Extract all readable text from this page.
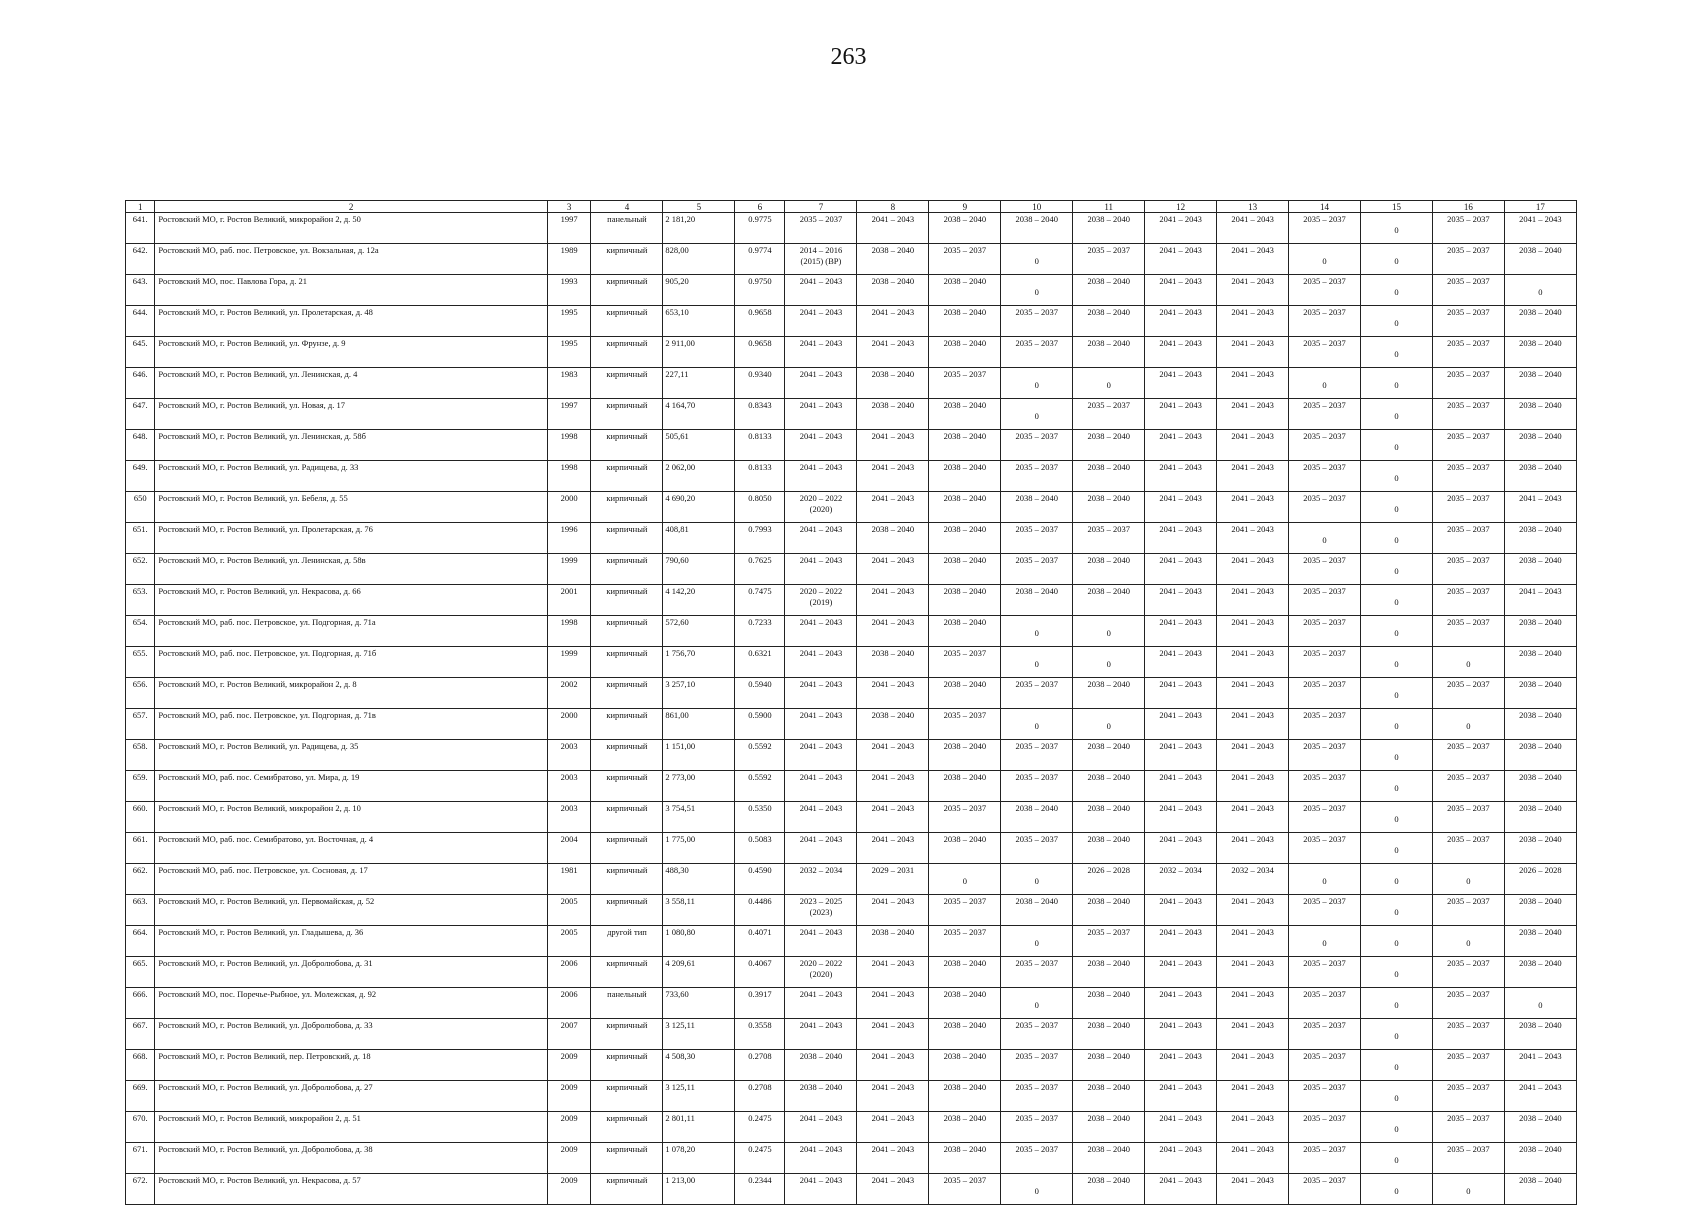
263
1	2	3	4	5	6	7	8	9	10	11	12	13	14	15	16	17
641.	Ростовский МО, г. Ростов Великий, микрорайон 2, д. 50	1997	панельный	2 181,20	0.9775	2035 – 2037	2041 – 2043	2038 – 2040	2038 – 2040	2038 – 2040	2041 – 2043	2041 – 2043	2035 – 2037	0	2035 – 2037	2041 – 2043
642.	Ростовский МО, раб. пос. Петровское, ул. Вокзальная, д. 12а	1989	кирпичный	828,00	0.9774	2014 – 2016 (2015) (ВР)	2038 – 2040	2035 – 2037	0	2035 – 2037	2041 – 2043	2041 – 2043	0	0	2035 – 2037	2038 – 2040
643.	Ростовский МО, пос. Павлова Гора, д. 21	1993	кирпичный	905,20	0.9750	2041 – 2043	2038 – 2040	2038 – 2040	0	2038 – 2040	2041 – 2043	2041 – 2043	2035 – 2037	0	2035 – 2037	0
644.	Ростовский МО, г. Ростов Великий, ул. Пролетарская, д. 48	1995	кирпичный	653,10	0.9658	2041 – 2043	2041 – 2043	2038 – 2040	2035 – 2037	2038 – 2040	2041 – 2043	2041 – 2043	2035 – 2037	0	2035 – 2037	2038 – 2040
645.	Ростовский МО, г. Ростов Великий, ул. Фрунзе, д. 9	1995	кирпичный	2 911,00	0.9658	2041 – 2043	2041 – 2043	2038 – 2040	2035 – 2037	2038 – 2040	2041 – 2043	2041 – 2043	2035 – 2037	0	2035 – 2037	2038 – 2040
646.	Ростовский МО, г. Ростов Великий, ул. Ленинская, д. 4	1983	кирпичный	227,11	0.9340	2041 – 2043	2038 – 2040	2035 – 2037	0	0	2041 – 2043	2041 – 2043	0	0	2035 – 2037	2038 – 2040
647.	Ростовский МО, г. Ростов Великий, ул. Новая, д. 17	1997	кирпичный	4 164,70	0.8343	2041 – 2043	2038 – 2040	2038 – 2040	0	2035 – 2037	2041 – 2043	2041 – 2043	2035 – 2037	0	2035 – 2037	2038 – 2040
648.	Ростовский МО, г. Ростов Великий, ул. Ленинская, д. 58б	1998	кирпичный	505,61	0.8133	2041 – 2043	2041 – 2043	2038 – 2040	2035 – 2037	2038 – 2040	2041 – 2043	2041 – 2043	2035 – 2037	0	2035 – 2037	2038 – 2040
649.	Ростовский МО, г. Ростов Великий, ул. Радищева, д. 33	1998	кирпичный	2 062,00	0.8133	2041 – 2043	2041 – 2043	2038 – 2040	2035 – 2037	2038 – 2040	2041 – 2043	2041 – 2043	2035 – 2037	0	2035 – 2037	2038 – 2040
650	Ростовский МО, г. Ростов Великий, ул. Бебеля, д. 55	2000	кирпичный	4 690,20	0.8050	2020 – 2022 (2020)	2041 – 2043	2038 – 2040	2038 – 2040	2038 – 2040	2041 – 2043	2041 – 2043	2035 – 2037	0	2035 – 2037	2041 – 2043
651.	Ростовский МО, г. Ростов Великий, ул. Пролетарская, д. 76	1996	кирпичный	408,81	0.7993	2041 – 2043	2038 – 2040	2038 – 2040	2035 – 2037	2035 – 2037	2041 – 2043	2041 – 2043	0	0	2035 – 2037	2038 – 2040
652.	Ростовский МО, г. Ростов Великий, ул. Ленинская, д. 58в	1999	кирпичный	790,60	0.7625	2041 – 2043	2041 – 2043	2038 – 2040	2035 – 2037	2038 – 2040	2041 – 2043	2041 – 2043	2035 – 2037	0	2035 – 2037	2038 – 2040
653.	Ростовский МО, г. Ростов Великий, ул. Некрасова, д. 66	2001	кирпичный	4 142,20	0.7475	2020 – 2022 (2019)	2041 – 2043	2038 – 2040	2038 – 2040	2038 – 2040	2041 – 2043	2041 – 2043	2035 – 2037	0	2035 – 2037	2041 – 2043
654.	Ростовский МО, раб. пос. Петровское, ул. Подгорная, д. 71а	1998	кирпичный	572,60	0.7233	2041 – 2043	2041 – 2043	2038 – 2040	0	0	2041 – 2043	2041 – 2043	2035 – 2037	0	2035 – 2037	2038 – 2040
655.	Ростовский МО, раб. пос. Петровское, ул. Подгорная, д. 71б	1999	кирпичный	1 756,70	0.6321	2041 – 2043	2038 – 2040	2035 – 2037	0	0	2041 – 2043	2041 – 2043	2035 – 2037	0	0	2038 – 2040
656.	Ростовский МО, г. Ростов Великий, микрорайон 2, д. 8	2002	кирпичный	3 257,10	0.5940	2041 – 2043	2041 – 2043	2038 – 2040	2035 – 2037	2038 – 2040	2041 – 2043	2041 – 2043	2035 – 2037	0	2035 – 2037	2038 – 2040
657.	Ростовский МО, раб. пос. Петровское, ул. Подгорная, д. 71в	2000	кирпичный	861,00	0.5900	2041 – 2043	2038 – 2040	2035 – 2037	0	0	2041 – 2043	2041 – 2043	2035 – 2037	0	0	2038 – 2040
658.	Ростовский МО, г. Ростов Великий, ул. Радищева, д. 35	2003	кирпичный	1 151,00	0.5592	2041 – 2043	2041 – 2043	2038 – 2040	2035 – 2037	2038 – 2040	2041 – 2043	2041 – 2043	2035 – 2037	0	2035 – 2037	2038 – 2040
659.	Ростовский МО, раб. пос. Семибратово, ул. Мира, д. 19	2003	кирпичный	2 773,00	0.5592	2041 – 2043	2041 – 2043	2038 – 2040	2035 – 2037	2038 – 2040	2041 – 2043	2041 – 2043	2035 – 2037	0	2035 – 2037	2038 – 2040
660.	Ростовский МО, г. Ростов Великий, микрорайон 2, д. 10	2003	кирпичный	3 754,51	0.5350	2041 – 2043	2041 – 2043	2035 – 2037	2038 – 2040	2038 – 2040	2041 – 2043	2041 – 2043	2035 – 2037	0	2035 – 2037	2038 – 2040
661.	Ростовский МО, раб. пос. Семибратово, ул. Восточная, д. 4	2004	кирпичный	1 775,00	0.5083	2041 – 2043	2041 – 2043	2038 – 2040	2035 – 2037	2038 – 2040	2041 – 2043	2041 – 2043	2035 – 2037	0	2035 – 2037	2038 – 2040
662.	Ростовский МО, раб. пос. Петровское, ул. Сосновая, д. 17	1981	кирпичный	488,30	0.4590	2032 – 2034	2029 – 2031	0	0	2026 – 2028	2032 – 2034	2032 – 2034	0	0	0	2026 – 2028
663.	Ростовский МО, г. Ростов Великий, ул. Первомайская, д. 52	2005	кирпичный	3 558,11	0.4486	2023 – 2025 (2023)	2041 – 2043	2035 – 2037	2038 – 2040	2038 – 2040	2041 – 2043	2041 – 2043	2035 – 2037	0	2035 – 2037	2038 – 2040
664.	Ростовский МО, г. Ростов Великий, ул. Гладышева, д. 36	2005	другой тип	1 080,80	0.4071	2041 – 2043	2038 – 2040	2035 – 2037	0	2035 – 2037	2041 – 2043	2041 – 2043	0	0	0	2038 – 2040
665.	Ростовский МО, г. Ростов Великий, ул. Добролюбова, д. 31	2006	кирпичный	4 209,61	0.4067	2020 – 2022 (2020)	2041 – 2043	2038 – 2040	2035 – 2037	2038 – 2040	2041 – 2043	2041 – 2043	2035 – 2037	0	2035 – 2037	2038 – 2040
666.	Ростовский МО, пос. Поречье-Рыбное, ул. Молежская, д. 92	2006	панельный	733,60	0.3917	2041 – 2043	2041 – 2043	2038 – 2040	0	2038 – 2040	2041 – 2043	2041 – 2043	2035 – 2037	0	2035 – 2037	0
667.	Ростовский МО, г. Ростов Великий, ул. Добролюбова, д. 33	2007	кирпичный	3 125,11	0.3558	2041 – 2043	2041 – 2043	2038 – 2040	2035 – 2037	2038 – 2040	2041 – 2043	2041 – 2043	2035 – 2037	0	2035 – 2037	2038 – 2040
668.	Ростовский МО, г. Ростов Великий, пер. Петровский, д. 18	2009	кирпичный	4 508,30	0.2708	2038 – 2040	2041 – 2043	2038 – 2040	2035 – 2037	2038 – 2040	2041 – 2043	2041 – 2043	2035 – 2037	0	2035 – 2037	2041 – 2043
669.	Ростовский МО, г. Ростов Великий, ул. Добролюбова, д. 27	2009	кирпичный	3 125,11	0.2708	2038 – 2040	2041 – 2043	2038 – 2040	2035 – 2037	2038 – 2040	2041 – 2043	2041 – 2043	2035 – 2037	0	2035 – 2037	2041 – 2043
670.	Ростовский МО, г. Ростов Великий, микрорайон 2, д. 51	2009	кирпичный	2 801,11	0.2475	2041 – 2043	2041 – 2043	2038 – 2040	2035 – 2037	2038 – 2040	2041 – 2043	2041 – 2043	2035 – 2037	0	2035 – 2037	2038 – 2040
671.	Ростовский МО, г. Ростов Великий, ул. Добролюбова, д. 38	2009	кирпичный	1 078,20	0.2475	2041 – 2043	2041 – 2043	2038 – 2040	2035 – 2037	2038 – 2040	2041 – 2043	2041 – 2043	2035 – 2037	0	2035 – 2037	2038 – 2040
672.	Ростовский МО, г. Ростов Великий, ул. Некрасова, д. 57	2009	кирпичный	1 213,00	0.2344	2041 – 2043	2041 – 2043	2035 – 2037	0	2038 – 2040	2041 – 2043	2041 – 2043	2035 – 2037	0	0	2038 – 2040
